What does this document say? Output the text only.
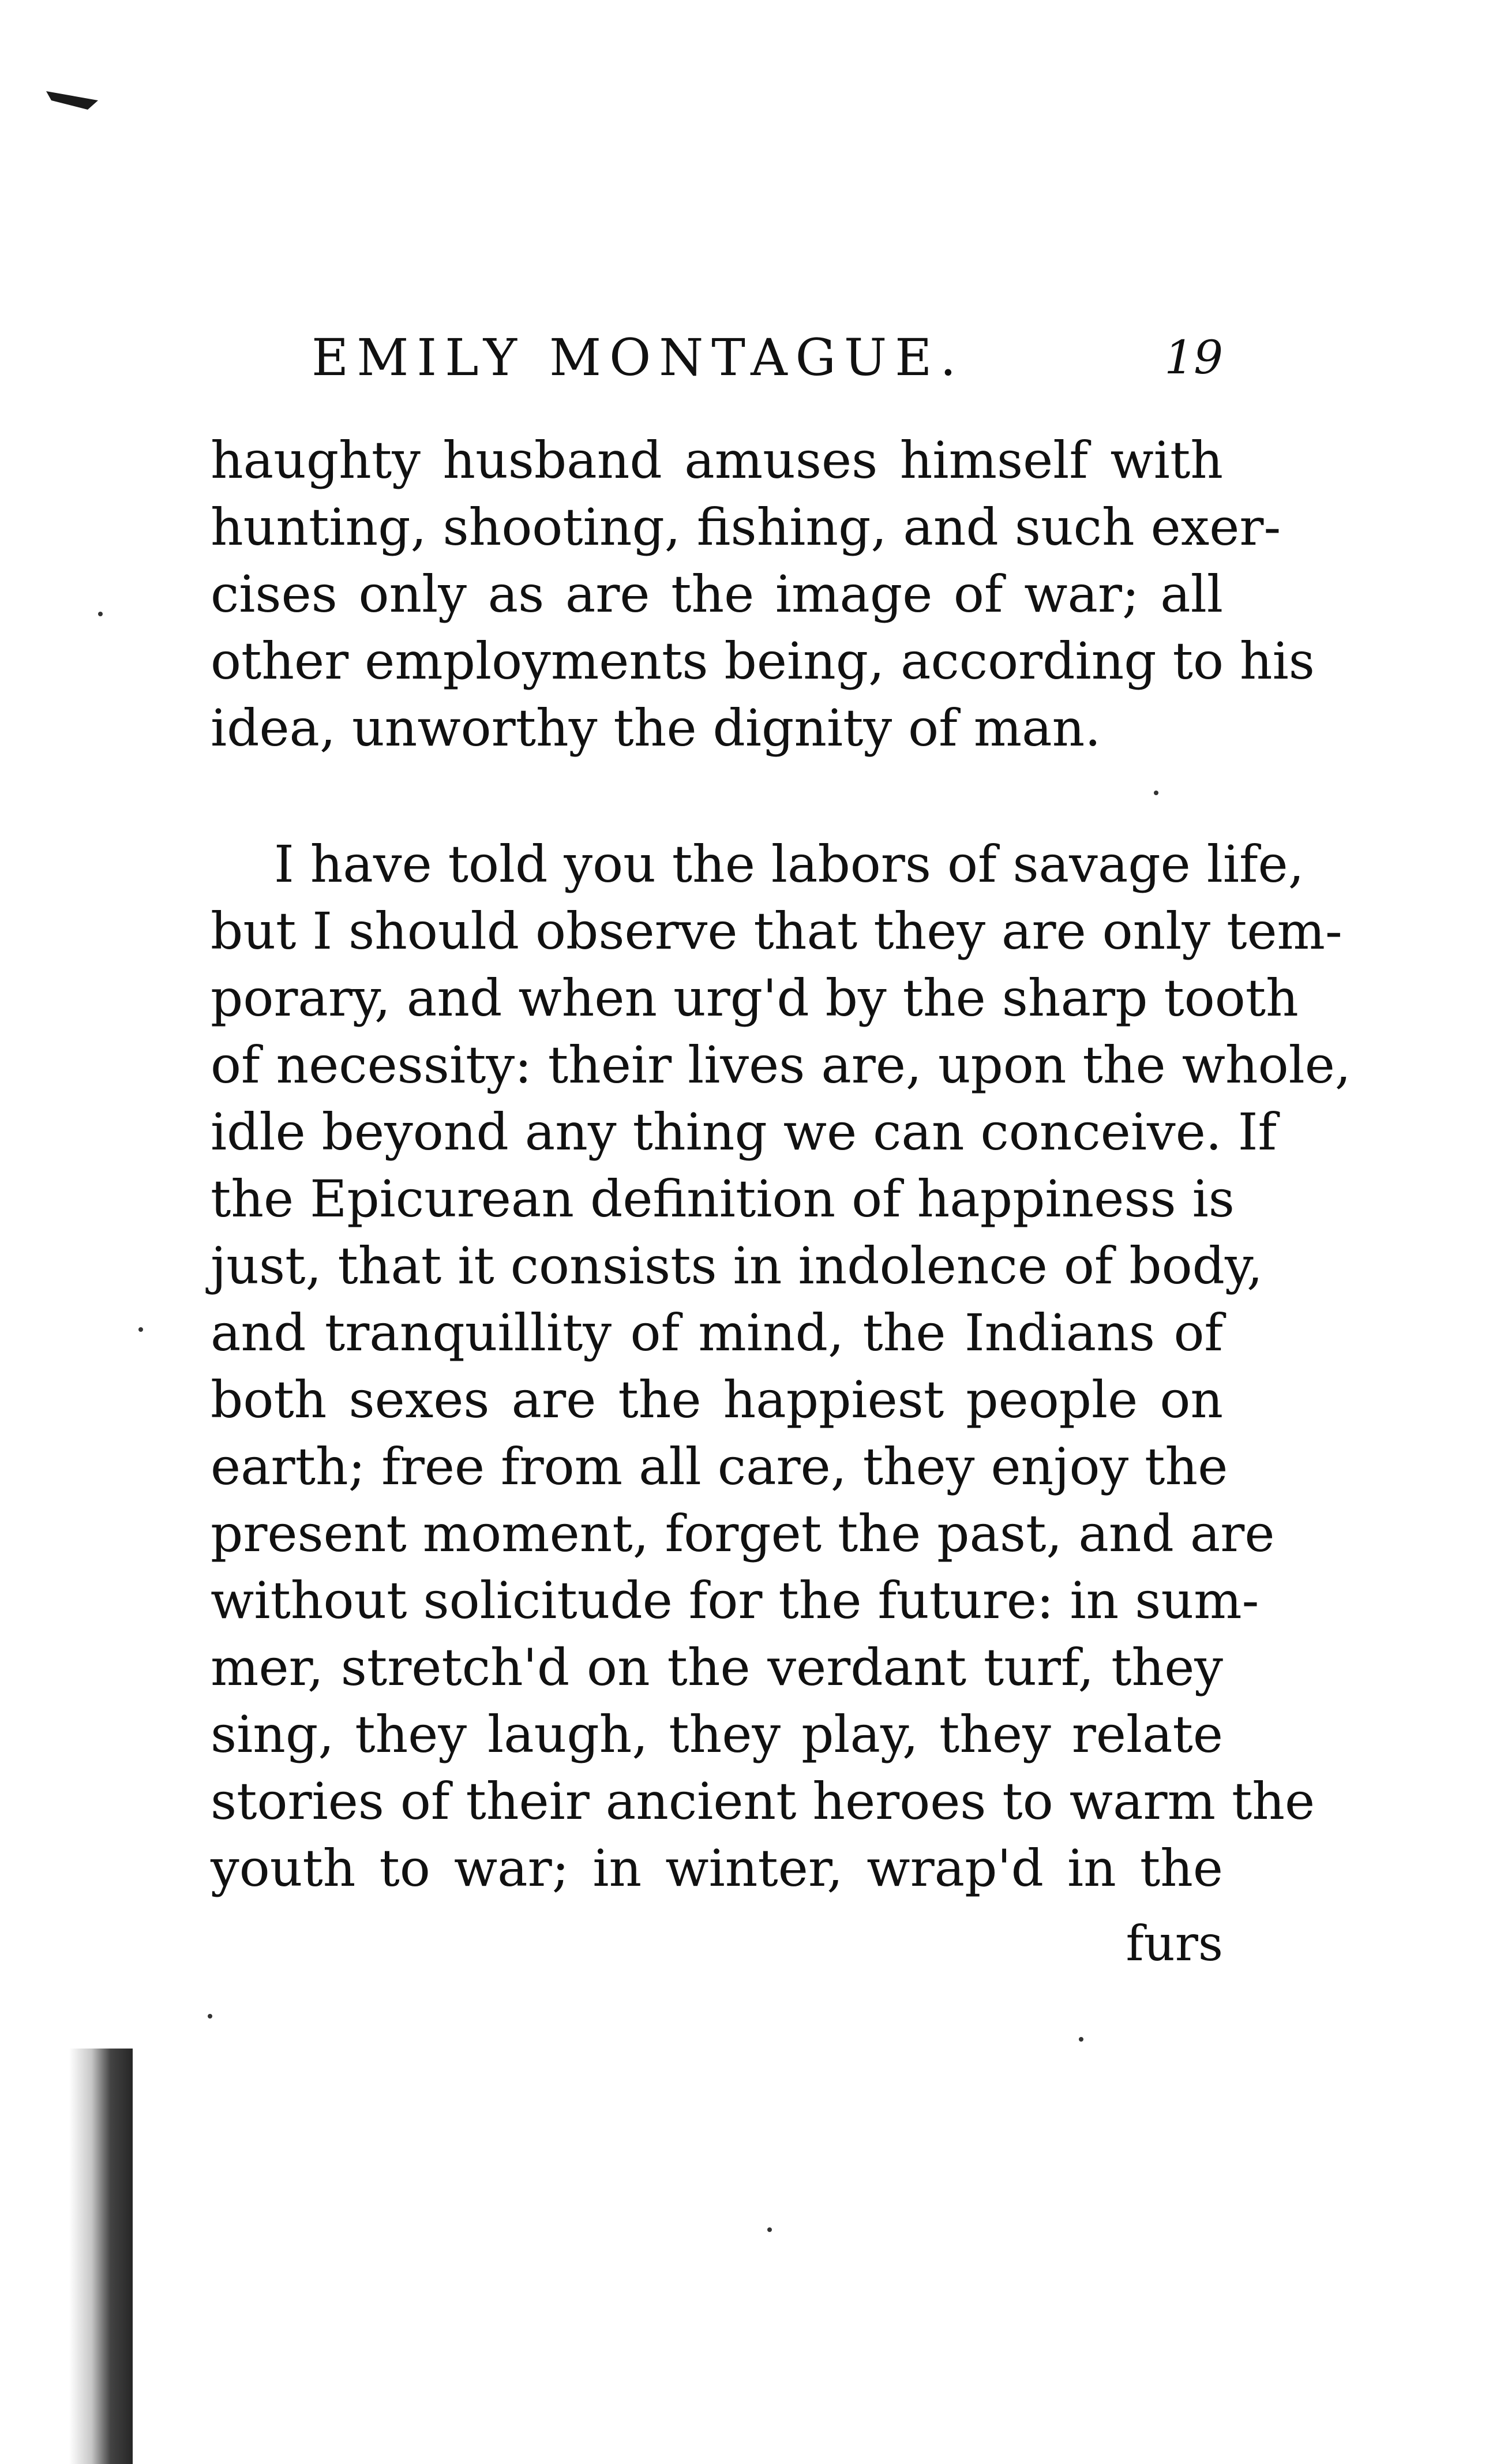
EMILY MONTAGUE.	19
haughty husband amuses himself with
hunting, shooting, fishing, and such exer-
cises only as are the image of war; all
other employments being, according to his
idea, unworthy the dignity of man.
I have told you the labors of savage life,
but I should observe that they are only tem-
porary, and when urg'd by the sharp tooth
of necessity: their lives are, upon the whole,
idle beyond any thing we can conceive. If
the Epicurean definition of happiness is
just, that it consists in indolence of body,
and tranquillity of mind, the Indians of
both sexes are the happiest people on
earth; free from all care, they enjoy the
present moment, forget the past, and are
without solicitude for the future: in sum-
mer, stretch'd on the verdant turf, they
sing, they laugh, they play, they relate
stories of their ancient heroes to warm the
youth to war; in winter, wrap'd in the
furs
